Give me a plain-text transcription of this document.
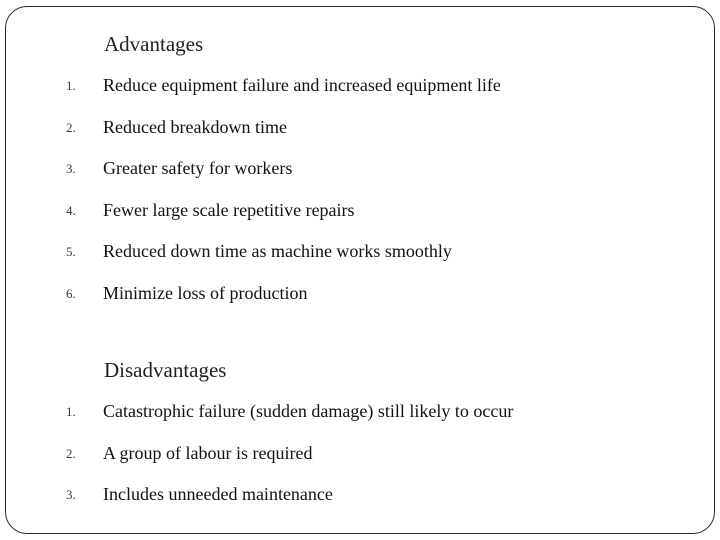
Advantages
1. Reduce equipment failure and increased equipment life
2. Reduced breakdown time
3. Greater safety for workers
4. Fewer large scale repetitive repairs
5. Reduced down time as machine works smoothly
6. Minimize loss of production
Disadvantages
1. Catastrophic failure (sudden damage) still likely to occur
2. A group of labour is required
3. Includes unneeded maintenance
